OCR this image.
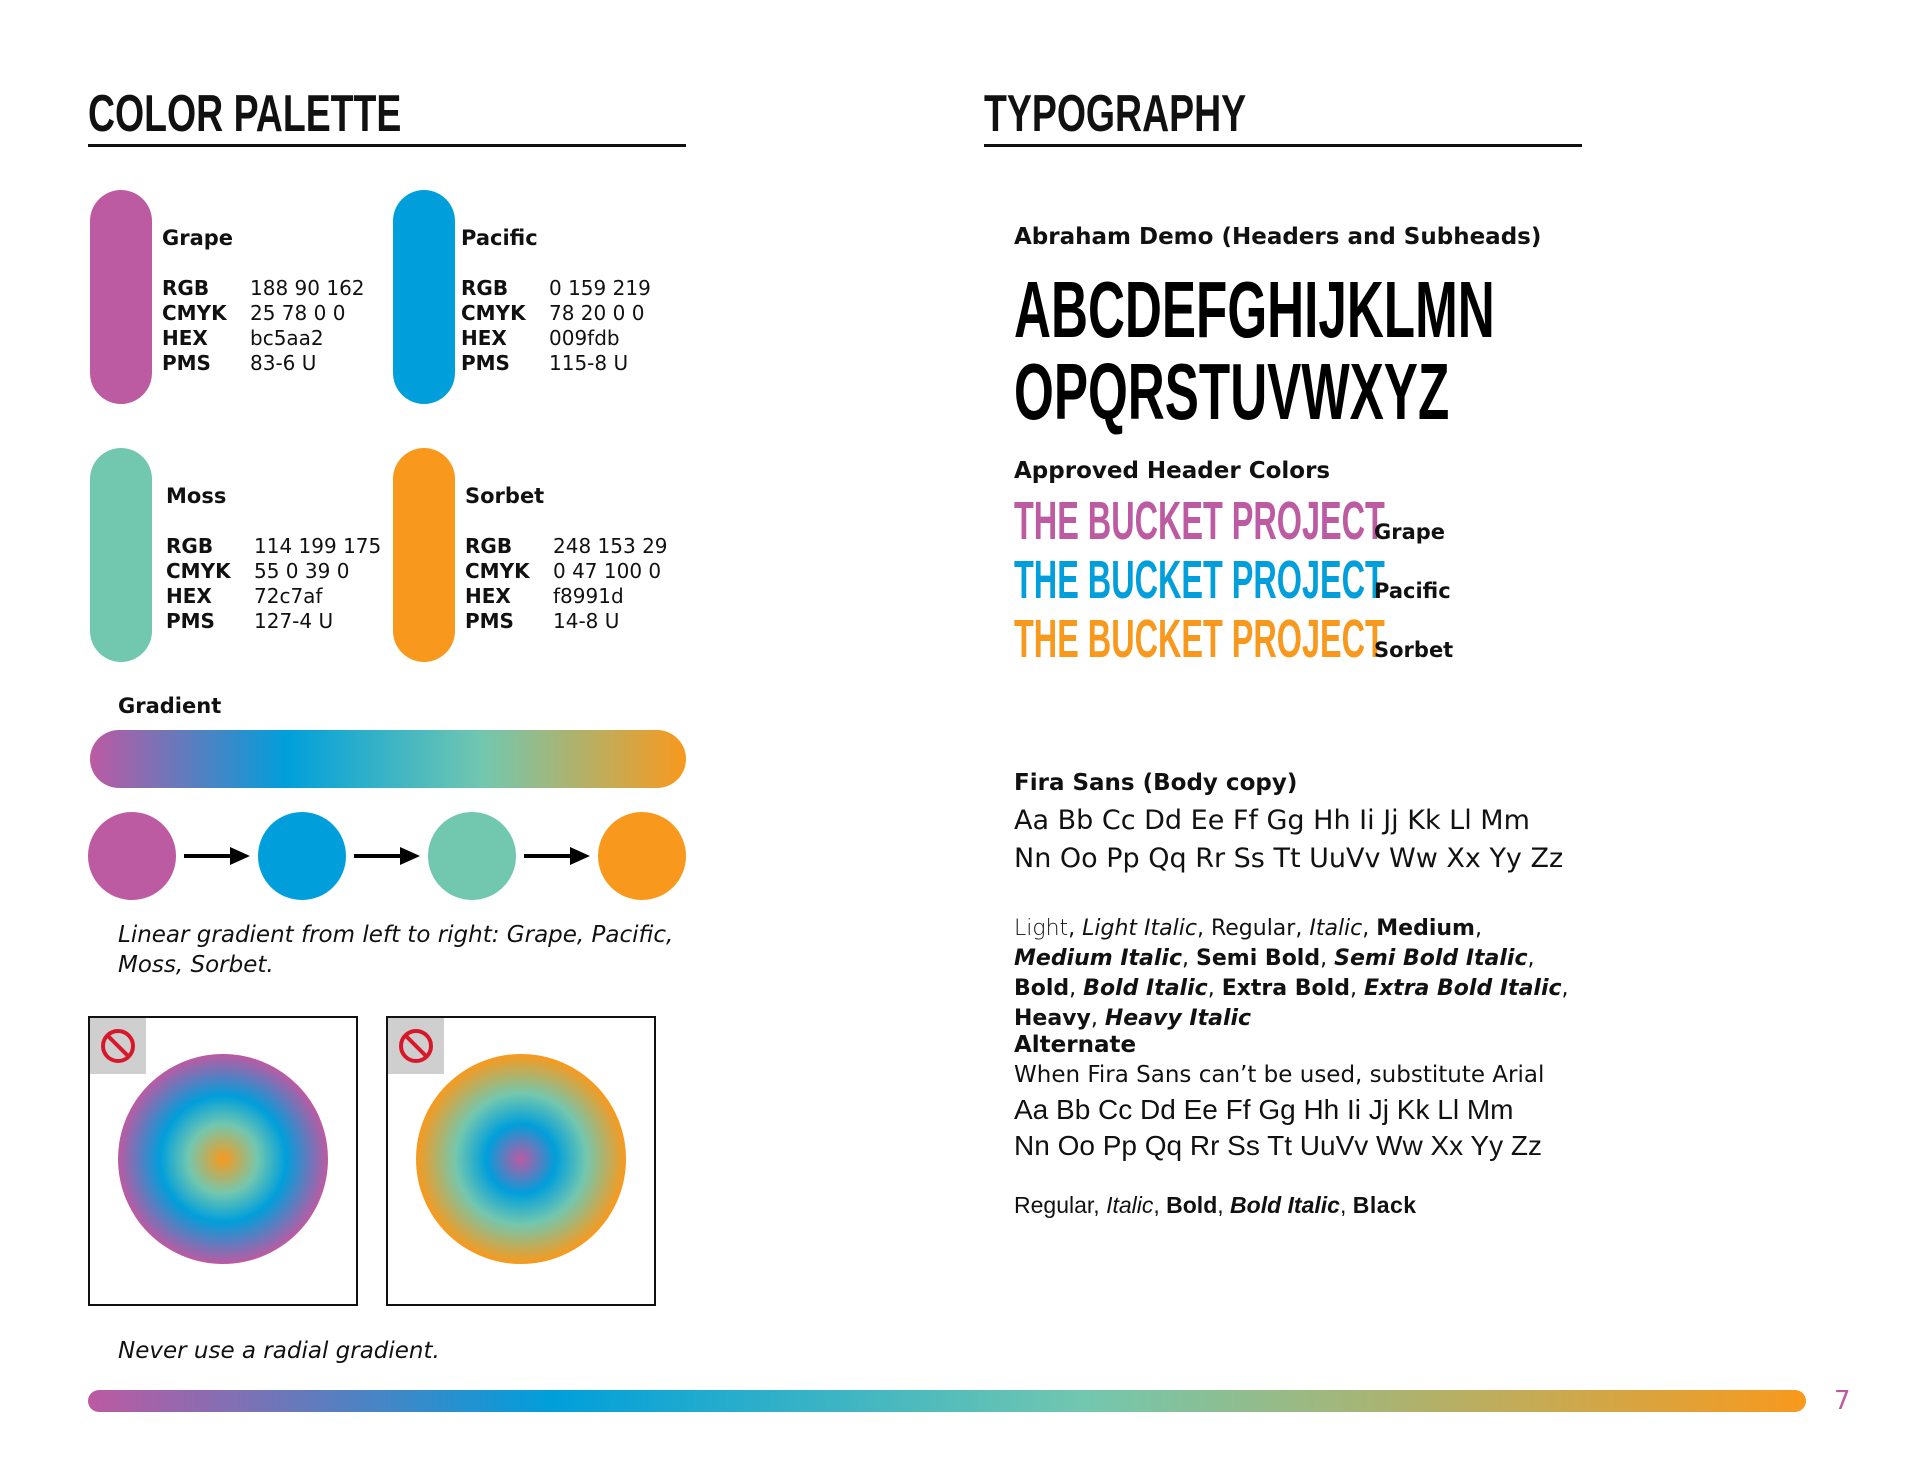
COLOR PALETTE
Grape
RGB 188 90 162
CMYK 25 78 0 0
HEX bc5aa2
PMS 83-6 U
Pacific
RGB 0 159 219
CMYK 78 20 0 0
HEX 009fdb
PMS 115-8 U
Moss
RGB 114 199 175
CMYK 55 0 39 0
HEX 72c7af
PMS 127-4 U
Sorbet
RGB 248 153 29
CMYK 0 47 100 0
HEX f8991d
PMS 14-8 U
Gradient
Linear gradient from left to right: Grape, Pacific, Moss, Sorbet.
Never use a radial gradient.
TYPOGRAPHY
Abraham Demo (Headers and Subheads)
ABCDEFGHIJKLMN
OPQRSTUVWXYZ
Approved Header Colors
THE BUCKET PROJECT
Grape
THE BUCKET PROJECT
Pacific
THE BUCKET PROJECT
Sorbet
Fira Sans (Body copy)
Aa Bb Cc Dd Ee Ff Gg Hh Ii Jj Kk Ll Mm
Nn Oo Pp Qq Rr Ss Tt UuVv Ww Xx Yy Zz
Light, Light Italic, Regular, Italic, Medium, Medium Italic, Semi Bold, Semi Bold Italic, Bold, Bold Italic, Extra Bold, Extra Bold Italic, Heavy, Heavy Italic
Alternate
When Fira Sans can’t be used, substitute Arial
Aa Bb Cc Dd Ee Ff Gg Hh Ii Jj Kk Ll Mm
Nn Oo Pp Qq Rr Ss Tt UuVv Ww Xx Yy Zz
Regular, Italic, Bold, Bold Italic, Black
7
